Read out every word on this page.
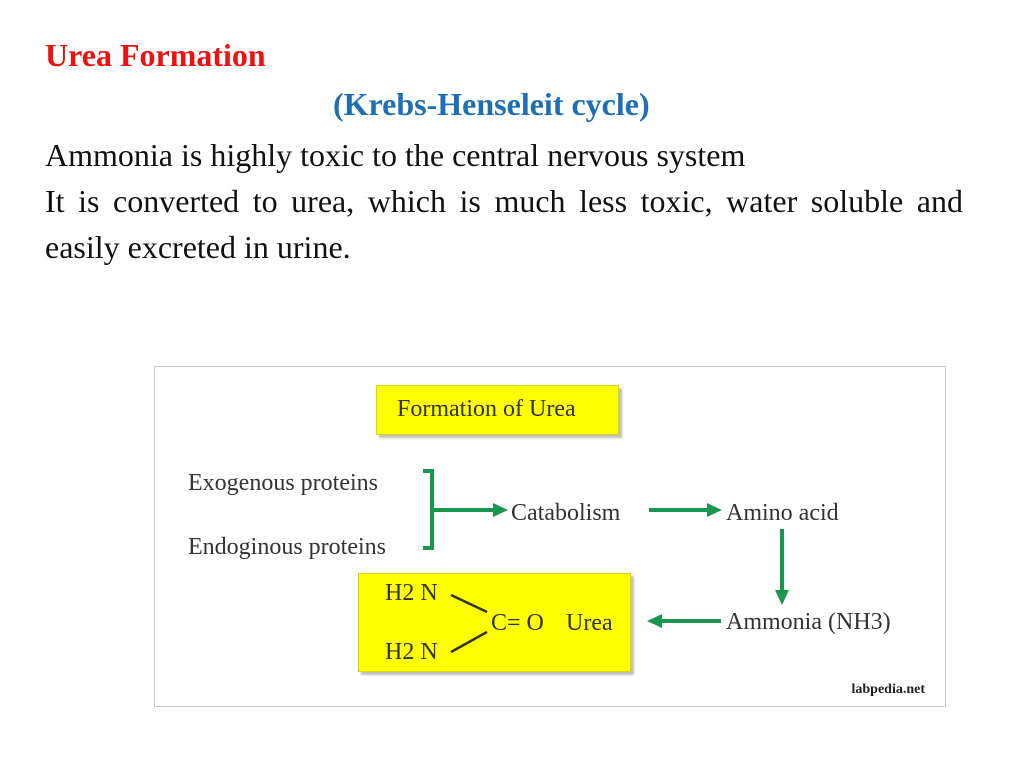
Urea Formation
(Krebs-Henseleit cycle)

Ammonia is highly toxic to the central nervous system

It is converted to urea, which is much less toxic, water soluble and easily excreted in urine.

Formation of Urea
Exogenous proteins
Endoginous proteins
Catabolism	Amino acid
Ammonia (NH3)
H2 N
H2 N
C= O Urea
labpedia.net
